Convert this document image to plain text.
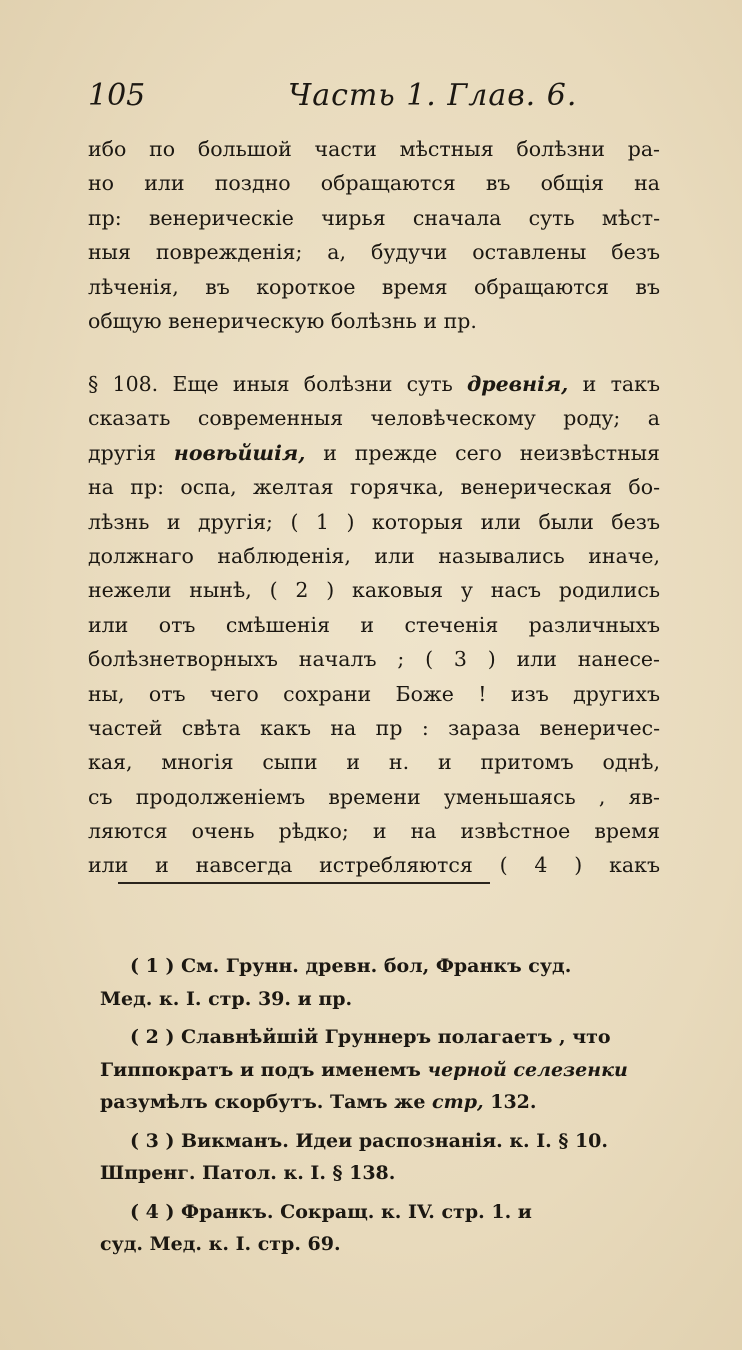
105	Часть 1. Глав. 6.
ибо по большой части мѣстныя болѣзни ра-
но или поздно обращаются въ общія на
пр: венерическіе чирья сначала суть мѣст-
ныя поврежденія; а, будучи оставлены безъ
лѣченія, въ короткое время обращаются въ
общую венерическую болѣзнь и пр.
§ 108. Еще иныя болѣзни суть древнія, и такъ
сказать современныя человѣческому роду; а
другія новѣйшія, и прежде сего неизвѣстныя
на пр: оспа, желтая горячка, венерическая бо-
лѣзнь и другія; ( 1 ) которыя или были безъ
должнаго наблюденія, или назывались иначе,
нежели нынѣ, ( 2 ) каковыя у насъ родились
или отъ смѣшенія и стеченія различныхъ
болѣзнетворныхъ началъ ; ( 3 ) или нанесе-
ны, отъ чего сохрани Боже ! изъ другихъ
частей свѣта какъ на пр : зараза венеричес-
кая, многія сыпи и н. и притомъ однѣ,
съ продолженіемъ времени уменьшаясь , яв-
ляются очень рѣдко; и на извѣстное время
или и навсегда истребляются ( 4 ) какъ
( 1 ) См. Грунн. древн. бол, Франкъ суд.
Мед. к. I. стр. 39. и пр.
( 2 ) Славнѣйшій Груннеръ полагаетъ , что
Гиппократъ и подъ именемъ черной селезенки
разумѣлъ скорбутъ. Тамъ же стр, 132.
( 3 ) Викманъ. Идеи распознанія. к. I. § 10.
Шпренг. Патол. к. I. § 138.
( 4 ) Франкъ. Сокращ. к. IV. стр. 1. и
суд. Мед. к. I. стр. 69.
